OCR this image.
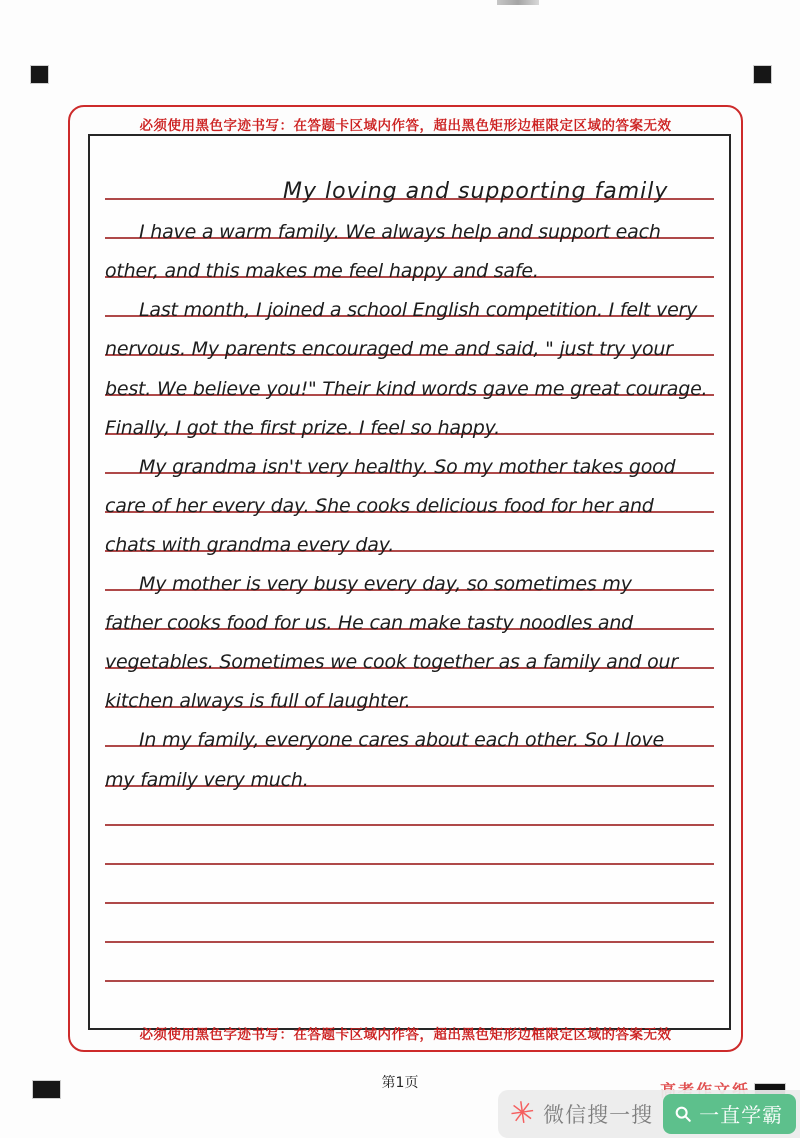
必须使用黑色字迹书写：在答题卡区域内作答，超出黑色矩形边框限定区域的答案无效
My loving and supporting family
I have a warm family. We always help and support each
other, and this makes me feel happy and safe.
Last month, I joined a school English competition. I felt very
nervous. My parents encouraged me and said, " just try your
best. We believe you!" Their kind words gave me great courage.
Finally, I got the first prize. I feel so happy.
My grandma isn't very healthy. So my mother takes good
care of her every day. She cooks delicious food for her and
chats with grandma every day.
My mother is very busy every day, so sometimes my
father cooks food for us. He can make tasty noodles and
vegetables. Sometimes we cook together as a family and our
kitchen always is full of laughter.
In my family, everyone cares about each other. So I love
my family very much.
必须使用黑色字迹书写：在答题卡区域内作答，超出黑色矩形边框限定区域的答案无效
第1页
✳ 微信搜一搜 一直学霸
